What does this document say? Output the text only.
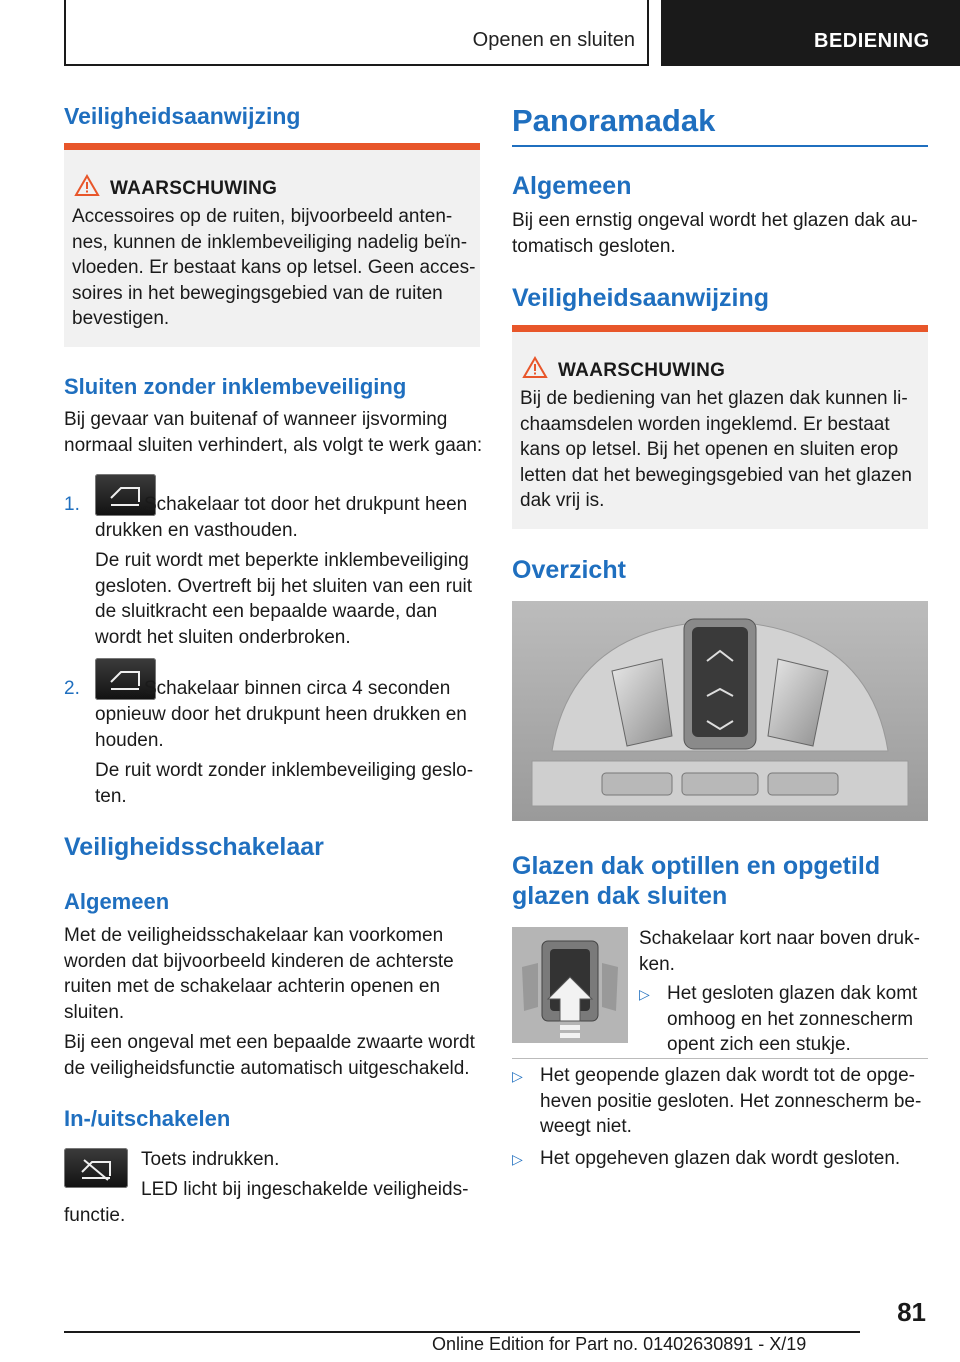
Openen en sluiten	BEDIENING
Veiligheidsaanwijzing
WAARSCHUWING
Accessoires op de ruiten, bijvoorbeeld anten‐
nes, kunnen de inklembeveiliging nadelig beïn‐
vloeden. Er bestaat kans op letsel. Geen acces‐
soires in het bewegingsgebied van de ruiten
bevestigen.
Sluiten zonder inklembeveiliging
Bij gevaar van buitenaf of wanneer ijsvorming
normaal sluiten verhindert, als volgt te werk gaan:
1.	Schakelaar tot door het drukpunt heen
drukken en vasthouden.
De ruit wordt met beperkte inklembeveiliging
gesloten. Overtreft bij het sluiten van een ruit
de sluitkracht een bepaalde waarde, dan
wordt het sluiten onderbroken.
2.	Schakelaar binnen circa 4 seconden
opnieuw door het drukpunt heen drukken en
houden.
De ruit wordt zonder inklembeveiliging geslo‐
ten.
Veiligheidsschakelaar
Algemeen
Met de veiligheidsschakelaar kan voorkomen
worden dat bijvoorbeeld kinderen de achterste
ruiten met de schakelaar achterin openen en
sluiten.
Bij een ongeval met een bepaalde zwaarte wordt
de veiligheidsfunctie automatisch uitgeschakeld.
In-/uitschakelen
Toets indrukken.
LED licht bij ingeschakelde veiligheids‐
functie.
Panoramadak
Algemeen
Bij een ernstig ongeval wordt het glazen dak au‐
tomatisch gesloten.
Veiligheidsaanwijzing
WAARSCHUWING
Bij de bediening van het glazen dak kunnen li‐
chaamsdelen worden ingeklemd. Er bestaat
kans op letsel. Bij het openen en sluiten erop
letten dat het bewegingsgebied van het glazen
dak vrij is.
Overzicht
Glazen dak optillen en opgetild
glazen dak sluiten
Schakelaar kort naar boven druk‐
ken.
▷ Het gesloten glazen dak komt
omhoog en het zonnescherm
opent zich een stukje.
▷ Het geopende glazen dak wordt tot de opge‐
heven positie gesloten. Het zonnescherm be‐
weegt niet.
▷ Het opgeheven glazen dak wordt gesloten.
81
Online Edition for Part no. 01402630891 - X/19
